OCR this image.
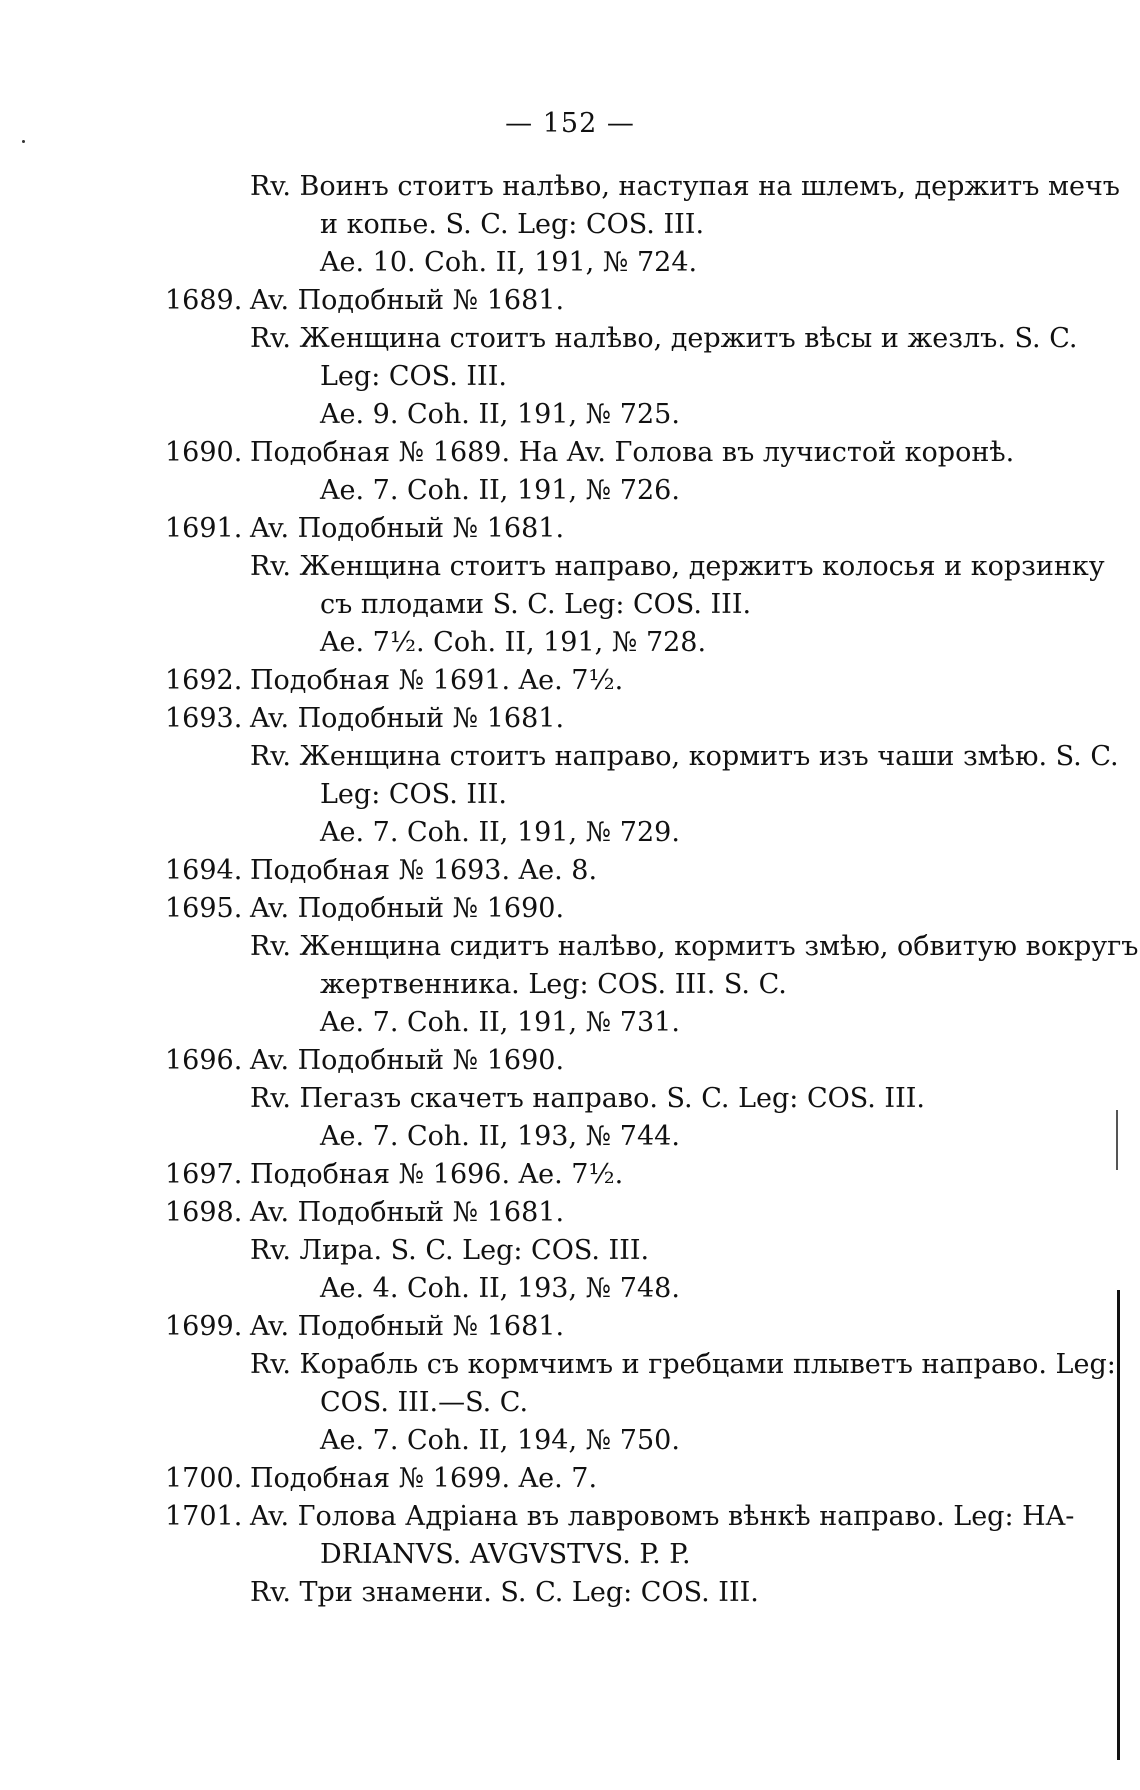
— 152 —
Rv. Воинъ стоитъ налѣво, наступая на шлемъ, держитъ мечъ
и копье. S. C. Leg: COS. III.
Ae. 10. Coh. II, 191, № 724.
1689. Av. Подобный № 1681.
Rv. Женщина стоитъ налѣво, держитъ вѣсы и жезлъ. S. C.
Leg: COS. III.
Ae. 9. Coh. II, 191, № 725.
1690. Подобная № 1689. На Av. Голова въ лучистой коронѣ.
Ae. 7. Coh. II, 191, № 726.
1691. Av. Подобный № 1681.
Rv. Женщина стоитъ направо, держитъ колосья и корзинку
съ плодами S. C. Leg: COS. III.
Ae. 7½. Coh. II, 191, № 728.
1692. Подобная № 1691. Ae. 7½.
1693. Av. Подобный № 1681.
Rv. Женщина стоитъ направо, кормитъ изъ чаши змѣю. S. C.
Leg: COS. III.
Ae. 7. Coh. II, 191, № 729.
1694. Подобная № 1693. Ae. 8.
1695. Av. Подобный № 1690.
Rv. Женщина сидитъ налѣво, кормитъ змѣю, обвитую вокругъ
жертвенника. Leg: COS. III. S. C.
Ae. 7. Coh. II, 191, № 731.
1696. Av. Подобный № 1690.
Rv. Пегазъ скачетъ направо. S. C. Leg: COS. III.
Ae. 7. Coh. II, 193, № 744.
1697. Подобная № 1696. Ae. 7½.
1698. Av. Подобный № 1681.
Rv. Лира. S. C. Leg: COS. III.
Ae. 4. Coh. II, 193, № 748.
1699. Av. Подобный № 1681.
Rv. Корабль съ кормчимъ и гребцами плыветъ направо. Leg:
COS. III.—S. C.
Ae. 7. Coh. II, 194, № 750.
1700. Подобная № 1699. Ae. 7.
1701. Av. Голова Адріана въ лавровомъ вѣнкѣ направо. Leg: HA-
DRIANVS. AVGVSTVS. P. P.
Rv. Три знамени. S. C. Leg: COS. III.
